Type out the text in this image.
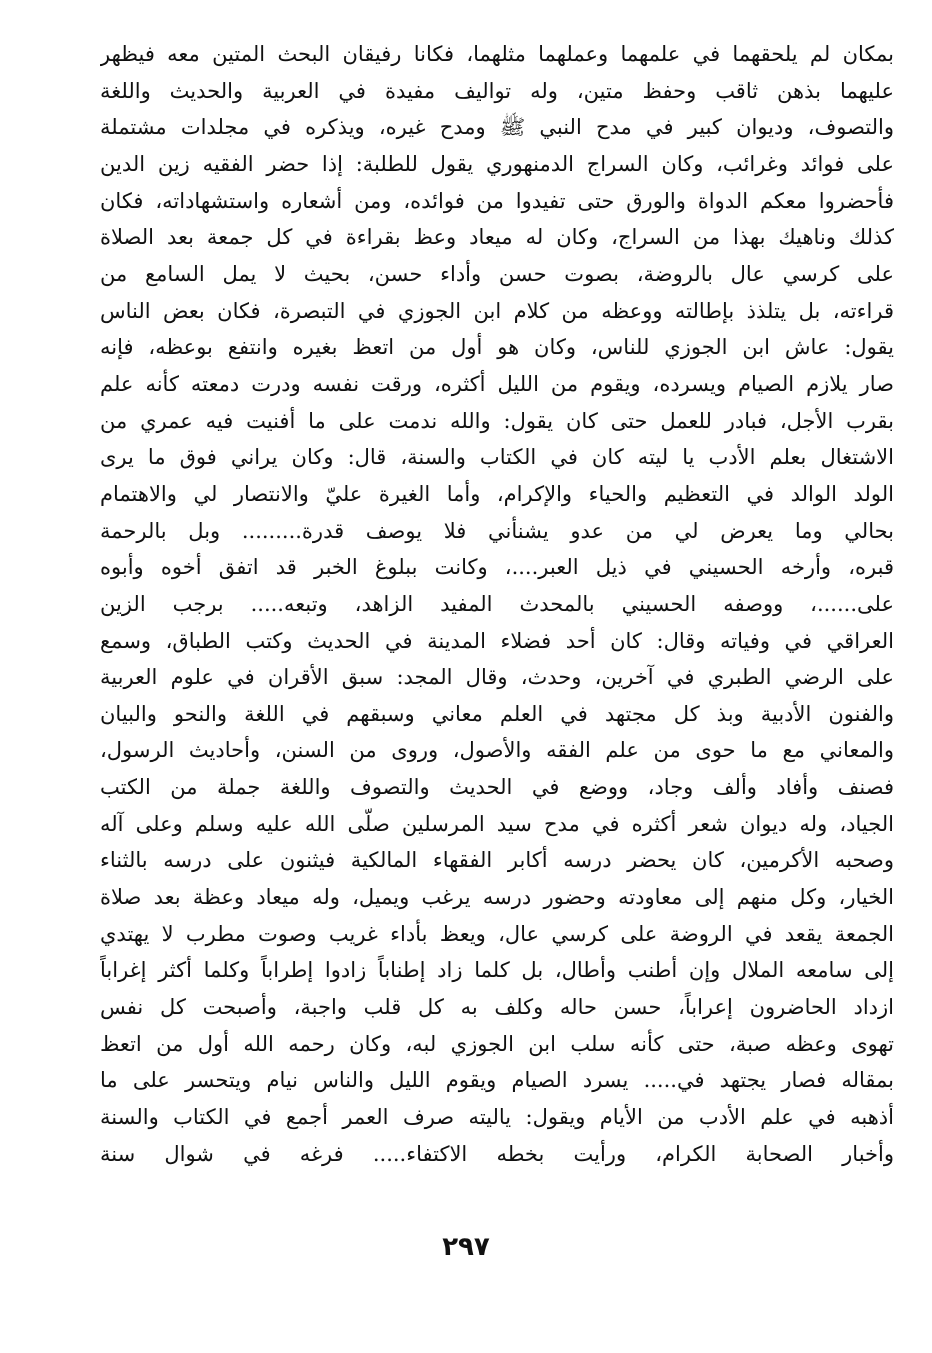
بمكان لم يلحقهما في علمهما وعملهما مثلهما، فكانا رفيقان البحث المتين معه فيظهر
عليهما بذهن ثاقب وحفظ متين، وله تواليف مفيدة في العربية والحديث واللغة
والتصوف، وديوان كبير في مدح النبي ﷺ ومدح غيره، ويذكره في مجلدات مشتملة
على فوائد وغرائب، وكان السراج الدمنهوري يقول للطلبة: إذا حضر الفقيه زين الدين
فأحضروا معكم الدواة والورق حتى تفيدوا من فوائده، ومن أشعاره واستشهاداته، فكان
كذلك وناهيك بهذا من السراج، وكان له ميعاد وعظ بقراءة في كل جمعة بعد الصلاة
على كرسي عال بالروضة، بصوت حسن وأداء حسن، بحيث لا يمل السامع من
قراءته، بل يتلذذ بإطالته ووعظه من كلام ابن الجوزي في التبصرة، فكان بعض الناس
يقول: عاش ابن الجوزي للناس، وكان هو أول من اتعظ بغيره وانتفع بوعظه، فإنه
صار يلازم الصيام ويسرده، ويقوم من الليل أكثره، ورقت نفسه ودرت دمعته كأنه علم
بقرب الأجل، فبادر للعمل حتى كان يقول: والله ندمت على ما أفنيت فيه عمري من
الاشتغال بعلم الأدب يا ليته كان في الكتاب والسنة، قال: وكان يراني فوق ما يرى
الولد الوالد في التعظيم والحياء والإكرام، وأما الغيرة عليّ والانتصار لي والاهتمام
بحالي وما يعرض لي من عدو يشنأني فلا يوصف قدرة......... وبل بالرحمة
قبره، وأرخه الحسيني في ذيل العبر....، وكانت ببلوغ الخبر قد اتفق أخوه وأبوه
على......، ووصفه الحسيني بالمحدث المفيد الزاهد، وتبعه..... برجب الزين
العراقي في وفياته وقال: كان أحد فضلاء المدينة في الحديث وكتب الطباق، وسمع
على الرضي الطبري في آخرين، وحدث، وقال المجد: سبق الأقران في علوم العربية
والفنون الأدبية وبذ كل مجتهد في العلم معاني وسبقهم في اللغة والنحو والبيان
والمعاني مع ما حوى من علم الفقه والأصول، وروى من السنن، وأحاديث الرسول،
فصنف وأفاد وألف وجاد، ووضع في الحديث والتصوف واللغة جملة من الكتب
الجياد، وله ديوان شعر أكثره في مدح سيد المرسلين صلّى الله عليه وسلم وعلى آله
وصحبه الأكرمين، كان يحضر درسه أكابر الفقهاء المالكية فيثنون على درسه بالثناء
الخيار، وكل منهم إلى معاودته وحضور درسه يرغب ويميل، وله ميعاد وعظة بعد صلاة
الجمعة يقعد في الروضة على كرسي عال، ويعظ بأداء غريب وصوت مطرب لا يهتدي
إلى سامعه الملال وإن أطنب وأطال، بل كلما زاد إطناباً زادوا إطراباً وكلما أكثر إغراباً
ازداد الحاضرون إعراباً، حسن حاله وكلف به كل قلب واجبة، وأصبحت كل نفس
تهوى وعظه صبة، حتى كأنه سلب ابن الجوزي لبه، وكان رحمه الله أول من اتعظ
بمقاله فصار يجتهد في..... يسرد الصيام ويقوم الليل والناس نيام ويتحسر على ما
أذهبه في علم الأدب من الأيام ويقول: ياليته صرف العمر أجمع في الكتاب والسنة
وأخبار الصحابة الكرام، ورأيت بخطه الاكتفاء..... فرغه في شوال سنة
٢٩٧
